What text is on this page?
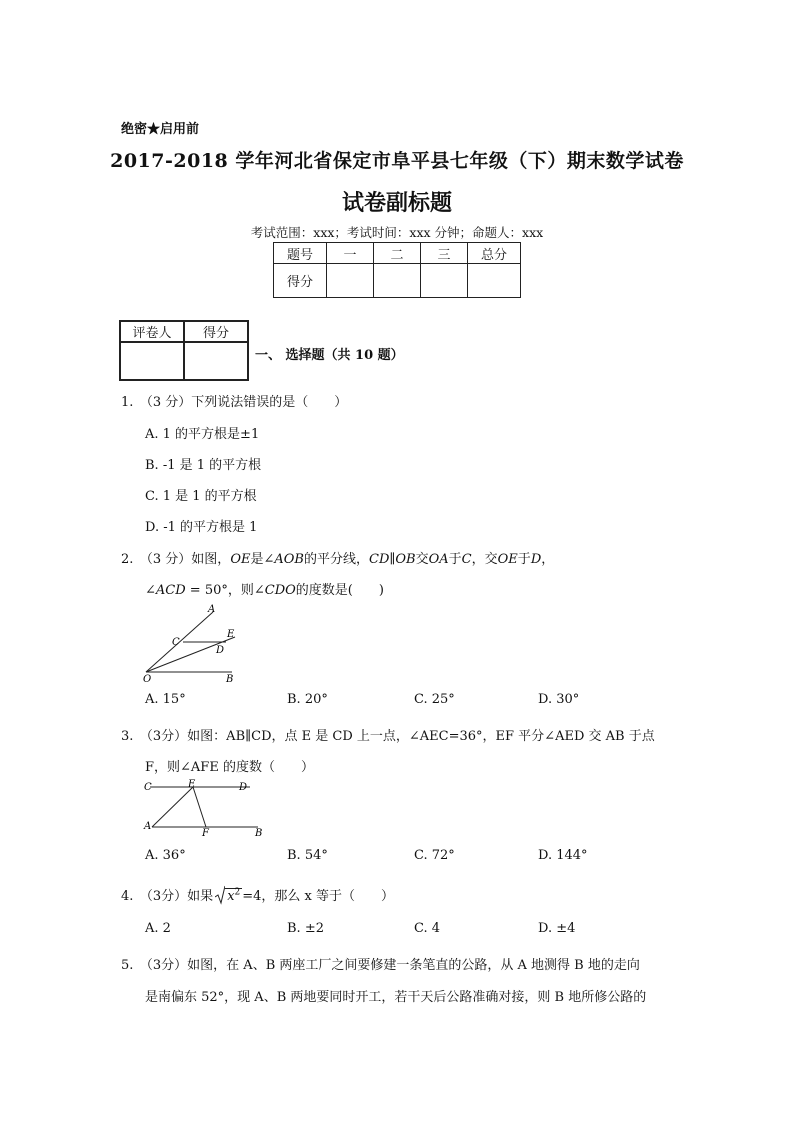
绝密★启用前
2017-2018 学年河北省保定市阜平县七年级（下）期末数学试卷
试卷副标题
考试范围：xxx；考试时间：xxx 分钟；命题人：xxx
题号	一	二	三	总分
得分				
评卷人	得分

一、 选择题（共 10 题）
1.　（3 分）下列说法错误的是（　　）
A. 1 的平方根是±1
B. -1 是 1 的平方根
C. 1 是 1 的平方根
D. -1 的平方根是 1
2.　（3 分）如图，OE是∠AOB的平分线，CD∥OB交OA于C，交OE于D，
∠ACD = 50°，则∠CDO的度数是(　　)
A
E
C
D
O	B
A. 15°	B. 20°	C. 25°	D. 30°
3.　（3分）如图：AB∥CD，点 E 是 CD 上一点，∠AEC=36°，EF 平分∠AED 交 AB 于点
F，则∠AFE 的度数（　　）
C	E	D
A
F	B
A. 36°	B. 54°	C. 72°	D. 144°
4.　（3分）如果 $x^2 =4$，那么 x 等于（　　）
A. 2	B. ±2	C. 4	D. ±4
5.　（3分）如图，在 A、B 两座工厂之间要修建一条笔直的公路，从 A 地测得 B 地的走向
是南偏东 52°，现 A、B 两地要同时开工，若干天后公路准确对接，则 B 地所修公路的
